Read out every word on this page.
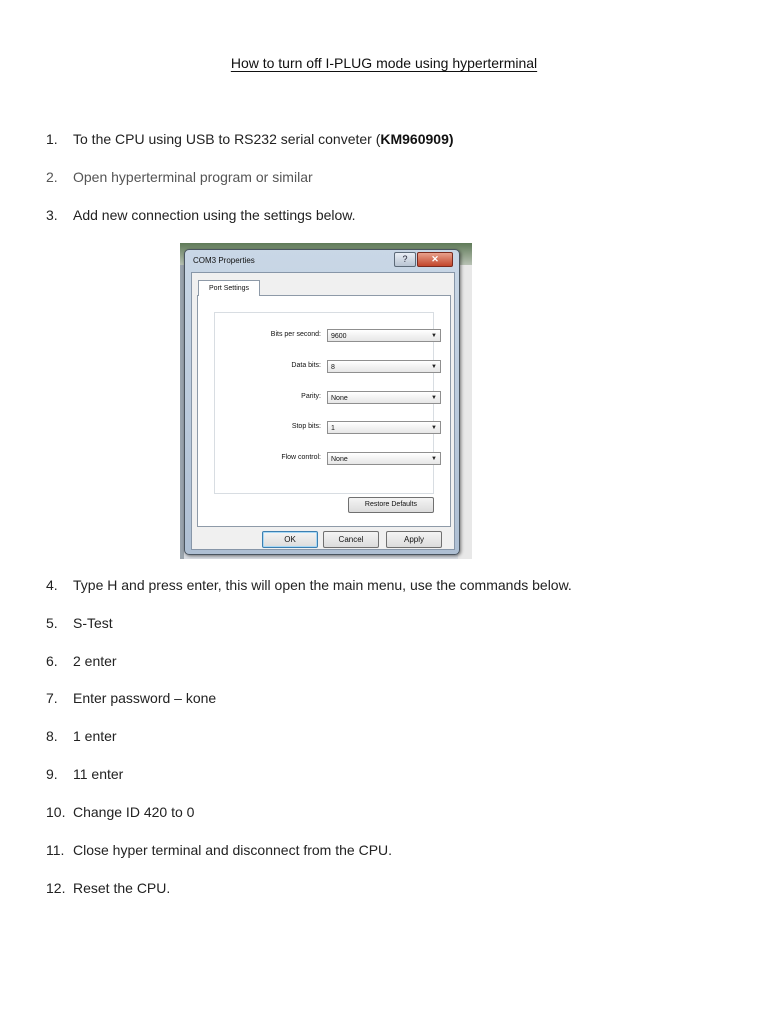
How to turn off I-PLUG mode using hyperterminal
1. To the CPU using USB to RS232 serial conveter (KM960909)
2. Open hyperterminal program or similar
3. Add new connection using the settings below.
COM3 Properties	?	✕
Port Settings
Bits per second:	9600	▼
Data bits:	8	▼
Parity:	None	▼
Stop bits:	1	▼
Flow control:	None	▼
Restore Defaults
OK	Cancel	Apply
4. Type H and press enter, this will open the main menu, use the commands below.
5. S-Test
6. 2 enter
7. Enter password – kone
8. 1 enter
9. 11 enter
10. Change ID 420 to 0
11. Close hyper terminal and disconnect from the CPU.
12. Reset the CPU.
